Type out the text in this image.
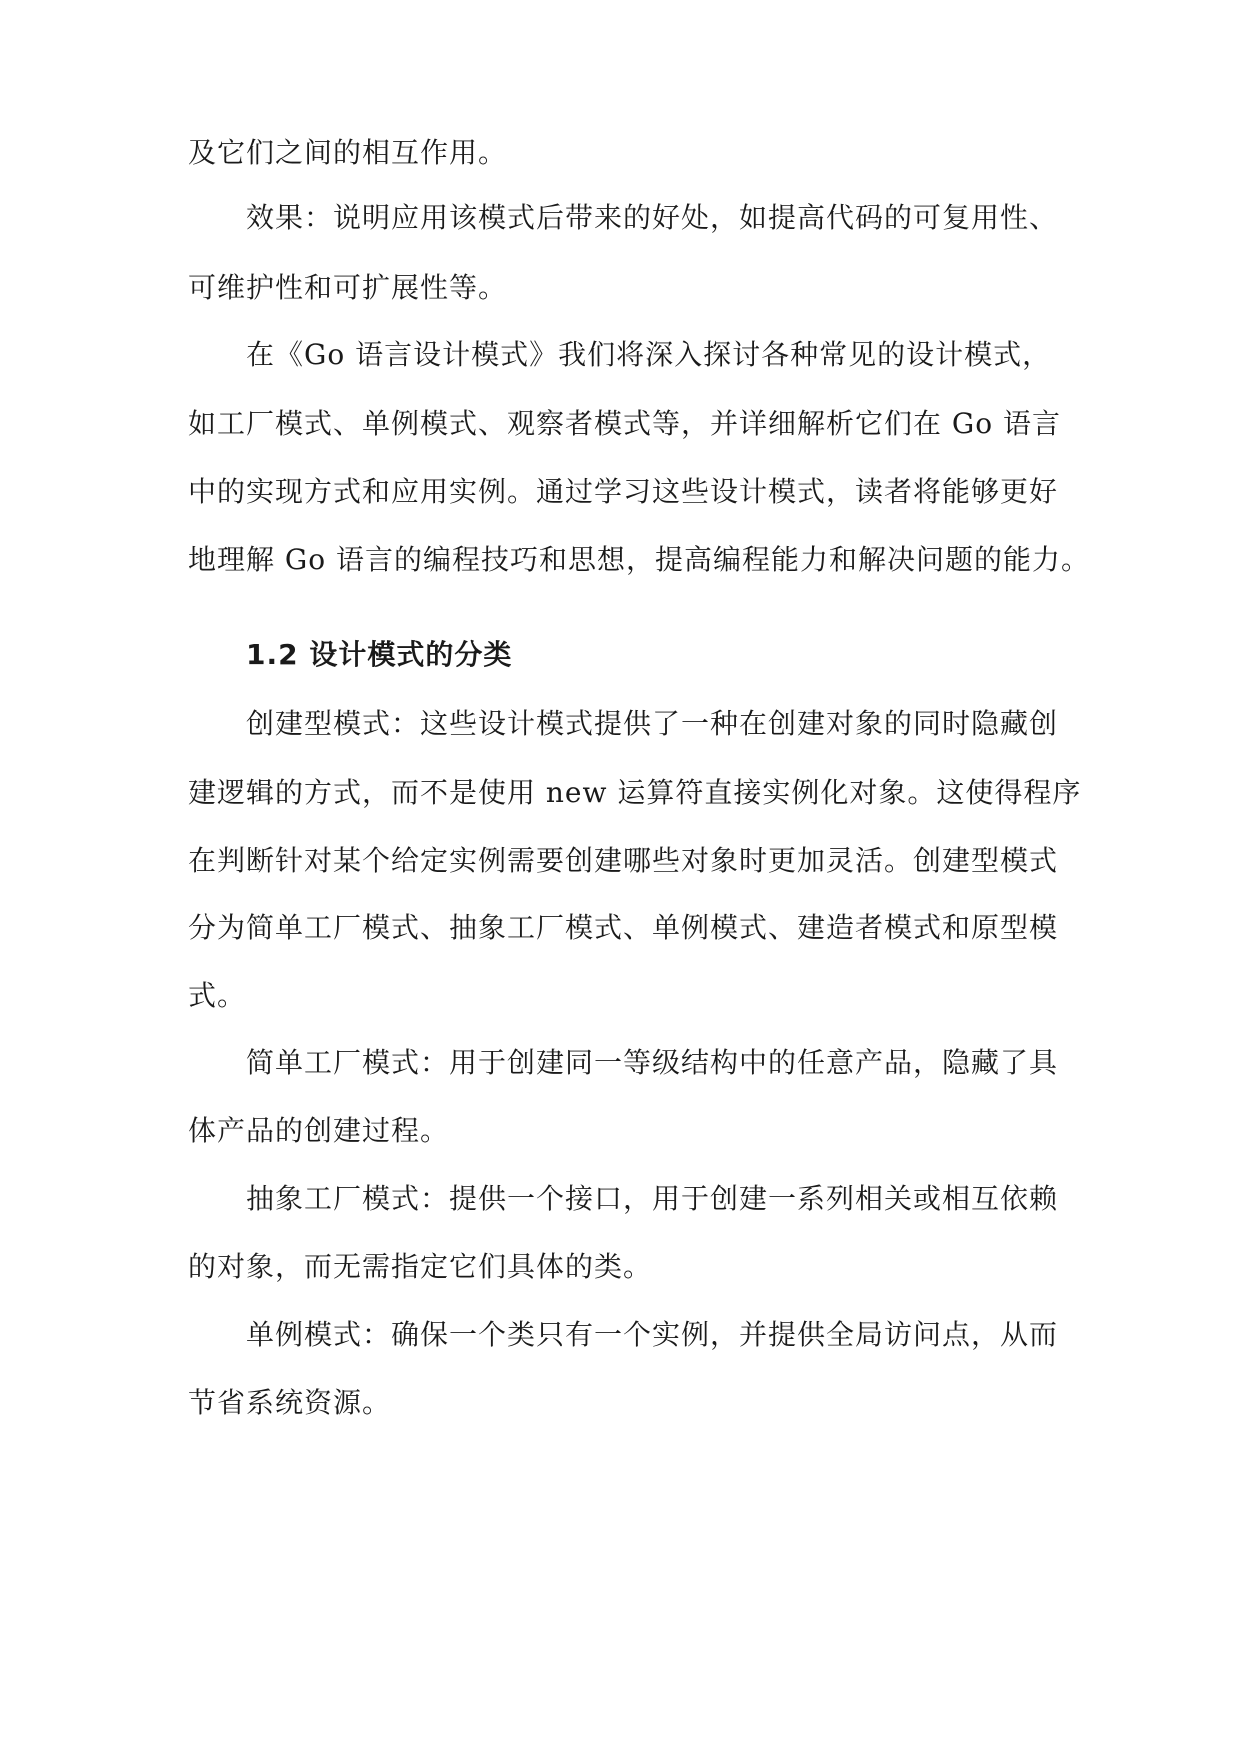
及它们之间的相互作用。
效果：说明应用该模式后带来的好处，如提高代码的可复用性、
可维护性和可扩展性等。
在《Go 语言设计模式》我们将深入探讨各种常见的设计模式，
如工厂模式、单例模式、观察者模式等，并详细解析它们在 Go 语言
中的实现方式和应用实例。通过学习这些设计模式，读者将能够更好
地理解 Go 语言的编程技巧和思想，提高编程能力和解决问题的能力。
1.2 设计模式的分类
创建型模式：这些设计模式提供了一种在创建对象的同时隐藏创
建逻辑的方式，而不是使用 new 运算符直接实例化对象。这使得程序
在判断针对某个给定实例需要创建哪些对象时更加灵活。创建型模式
分为简单工厂模式、抽象工厂模式、单例模式、建造者模式和原型模
式。
简单工厂模式：用于创建同一等级结构中的任意产品，隐藏了具
体产品的创建过程。
抽象工厂模式：提供一个接口，用于创建一系列相关或相互依赖
的对象，而无需指定它们具体的类。
单例模式：确保一个类只有一个实例，并提供全局访问点，从而
节省系统资源。
